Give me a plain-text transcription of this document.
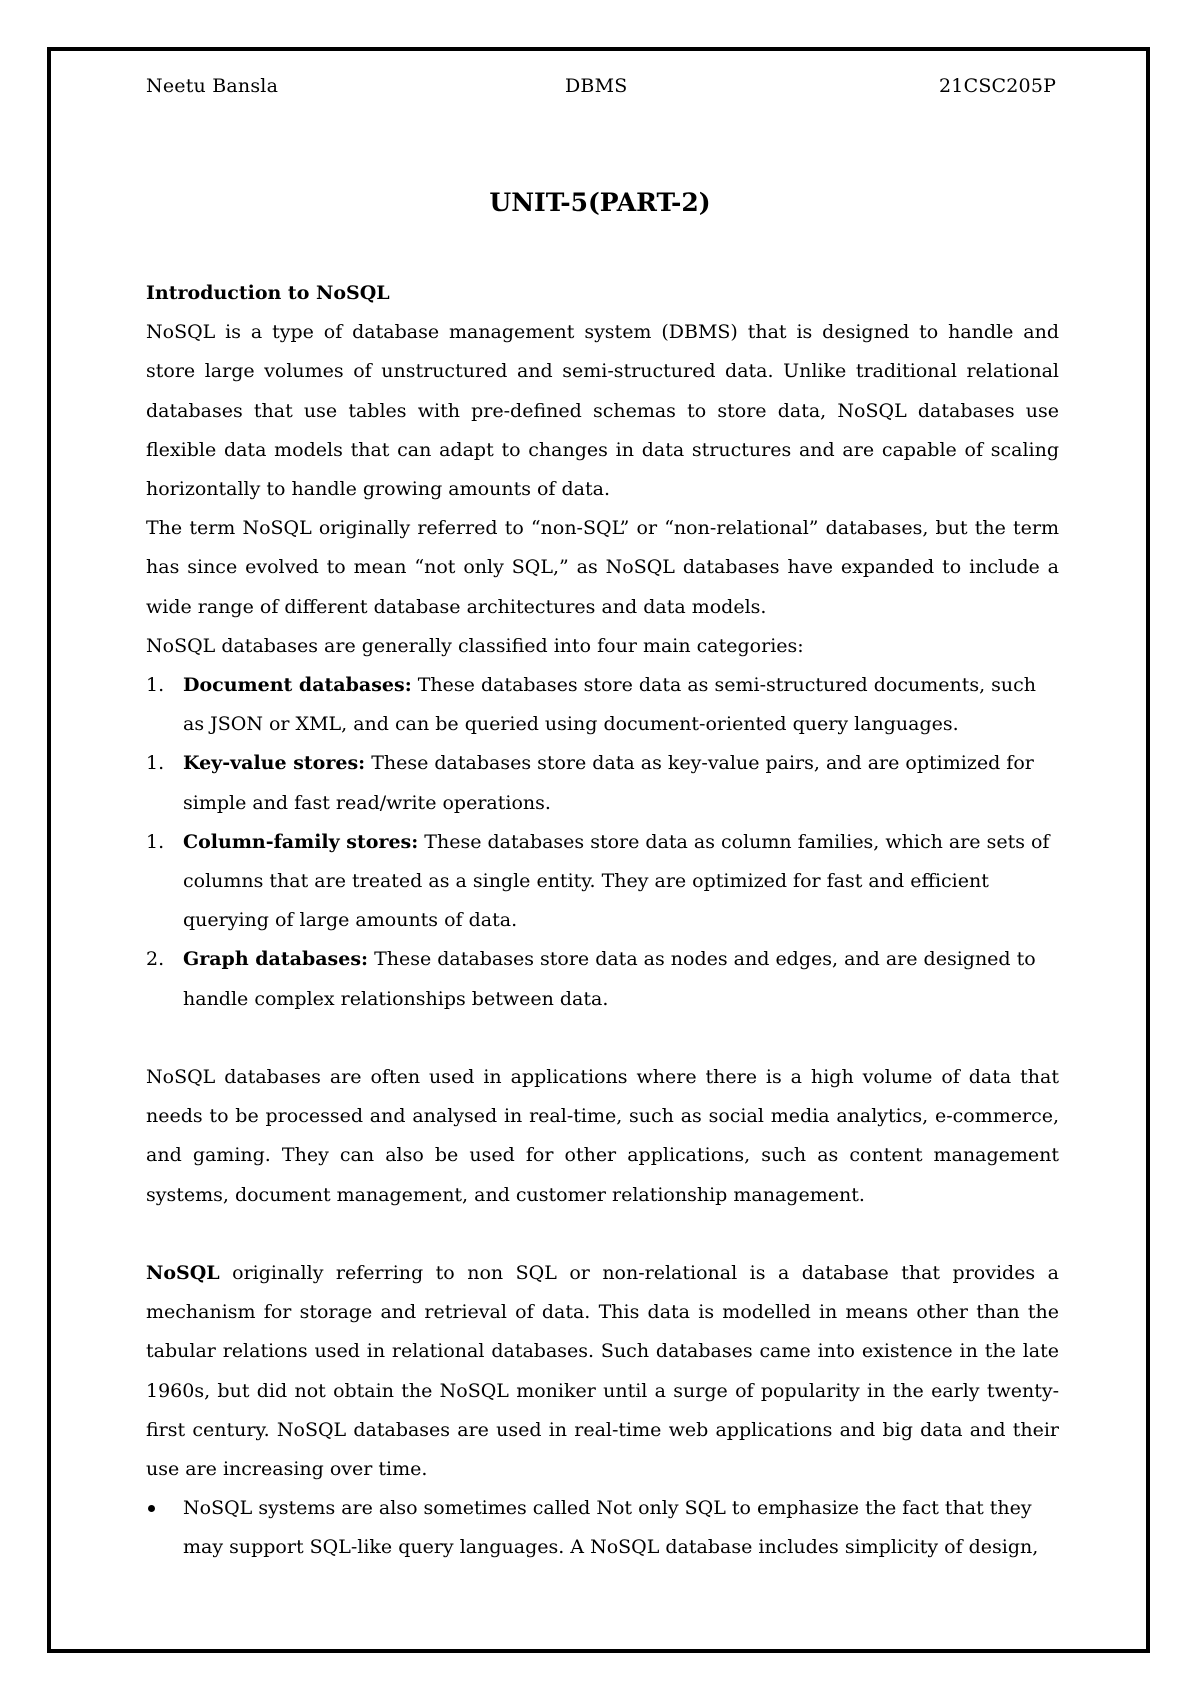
Neetu Bansla	DBMS	21CSC205P
UNIT-5(PART-2)

Introduction to NoSQL

NoSQL is a type of database management system (DBMS) that is designed to handle and store large volumes of unstructured and semi-structured data. Unlike traditional relational databases that use tables with pre-defined schemas to store data, NoSQL databases use flexible data models that can adapt to changes in data structures and are capable of scaling horizontally to handle growing amounts of data.

The term NoSQL originally referred to “non-SQL” or “non-relational” databases, but the term has since evolved to mean “not only SQL,” as NoSQL databases have expanded to include a wide range of different database architectures and data models.

NoSQL databases are generally classified into four main categories:

1. Document databases: These databases store data as semi-structured documents, such as JSON or XML, and can be queried using document-oriented query languages.
1. Key-value stores: These databases store data as key-value pairs, and are optimized for simple and fast read/write operations.
1. Column-family stores: These databases store data as column families, which are sets of columns that are treated as a single entity. They are optimized for fast and efficient querying of large amounts of data.
2. Graph databases: These databases store data as nodes and edges, and are designed to handle complex relationships between data.

NoSQL databases are often used in applications where there is a high volume of data that needs to be processed and analysed in real-time, such as social media analytics, e-commerce, and gaming. They can also be used for other applications, such as content management systems, document management, and customer relationship management.

NoSQL originally referring to non SQL or non-relational is a database that provides a mechanism for storage and retrieval of data. This data is modelled in means other than the tabular relations used in relational databases. Such databases came into existence in the late 1960s, but did not obtain the NoSQL moniker until a surge of popularity in the early twenty-first century. NoSQL databases are used in real-time web applications and big data and their use are increasing over time.

NoSQL systems are also sometimes called Not only SQL to emphasize the fact that they may support SQL-like query languages. A NoSQL database includes simplicity of design,
